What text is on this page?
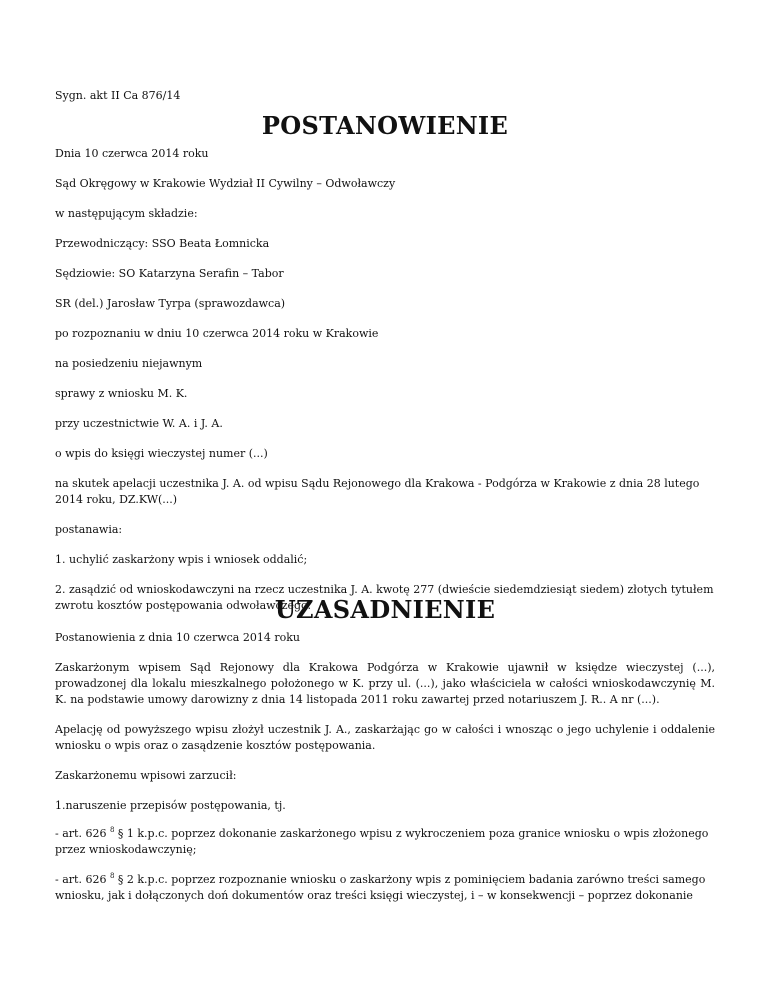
Sygn. akt II Ca 876/14

POSTANOWIENIE

Dnia 10 czerwca 2014 roku

Sąd Okręgowy w Krakowie Wydział II Cywilny – Odwoławczy

w następującym składzie:

Przewodniczący: SSO Beata Łomnicka

Sędziowie: SO Katarzyna Serafin – Tabor

SR (del.) Jarosław Tyrpa (sprawozdawca)

po rozpoznaniu w dniu 10 czerwca 2014 roku w Krakowie

na posiedzeniu niejawnym

sprawy z wniosku M. K.

przy uczestnictwie W. A. i J. A.

o wpis do księgi wieczystej numer (...)

na skutek apelacji uczestnika J. A. od wpisu Sądu Rejonowego dla Krakowa - Podgórza w Krakowie z dnia 28 lutego 2014 roku, DZ.KW(...)

postanawia:

1. uchylić zaskarżony wpis i wniosek oddalić;

2. zasądzić od wnioskodawczyni na rzecz uczestnika J. A. kwotę 277 (dwieście siedemdziesiąt siedem) złotych tytułem zwrotu kosztów postępowania odwoławczego.

UZASADNIENIE

Postanowienia z dnia 10 czerwca 2014 roku

Zaskarżonym wpisem Sąd Rejonowy dla Krakowa Podgórza w Krakowie ujawnił w księdze wieczystej (...), prowadzonej dla lokalu mieszkalnego położonego w K. przy ul. (...), jako właściciela w całości wnioskodawczynię M. K. na podstawie umowy darowizny z dnia 14 listopada 2011 roku zawartej przed notariuszem J. R.. A nr (...).

Apelację od powyższego wpisu złożył uczestnik J. A., zaskarżając go w całości i wnosząc o jego uchylenie i oddalenie wniosku o wpis oraz o zasądzenie kosztów postępowania.

Zaskarżonemu wpisowi zarzucił:

1.naruszenie przepisów postępowania, tj.

- art. 626 $^8$ § 1 k.p.c. poprzez dokonanie zaskarżonego wpisu z wykroczeniem poza granice wniosku o wpis złożonego przez wnioskodawczynię;

- art. 626 $^8$ § 2 k.p.c. poprzez rozpoznanie wniosku o zaskarżony wpis z pominięciem badania zarówno treści samego wniosku, jak i dołączonych doń dokumentów oraz treści księgi wieczystej, i – w konsekwencji – poprzez dokonanie
